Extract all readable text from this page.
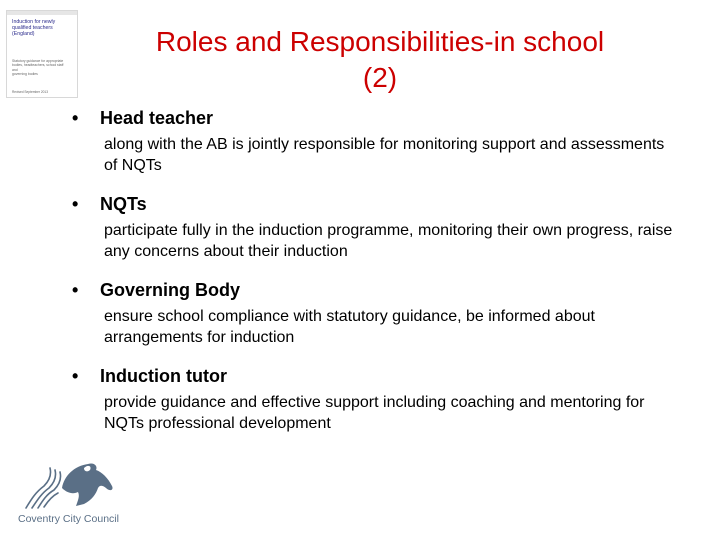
Induction for newly
qualified teachers
(England)
Statutory guidance for appropriate
bodies, headteachers, school staff and
governing bodies
Revised September 2013
Roles and Responsibilities-in school
(2)
•	Head teacher
along with the AB is jointly responsible for monitoring support and assessments of NQTs
•	NQTs
participate fully in the induction programme, monitoring their own progress, raise any concerns about their induction
•	Governing Body
ensure school compliance with statutory guidance, be informed about arrangements for induction
•	Induction tutor
provide guidance and effective support including coaching and mentoring for NQTs professional development
Coventry City Council
